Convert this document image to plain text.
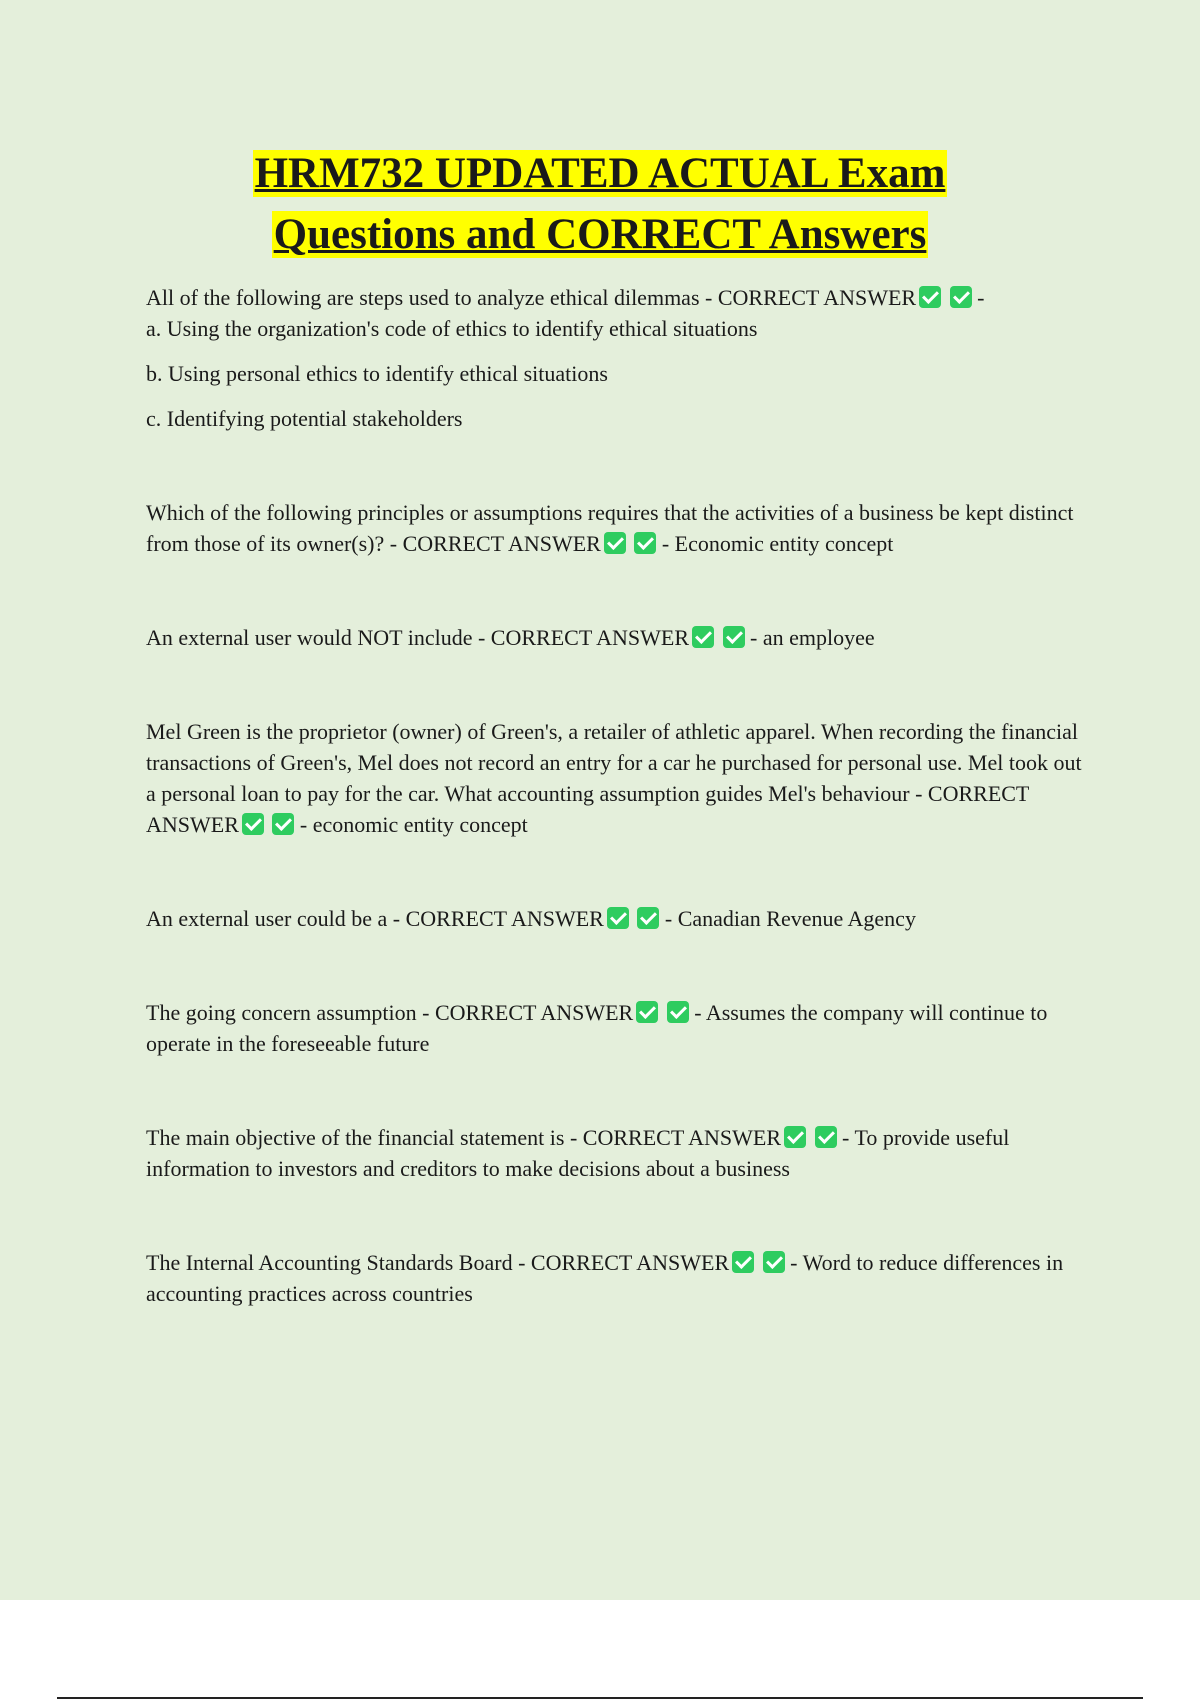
HRM732 UPDATED ACTUAL Exam
Questions and CORRECT Answers

All of the following are steps used to analyze ethical dilemmas - CORRECT ANSWER	-
a. Using the organization's code of ethics to identify ethical situations

b. Using personal ethics to identify ethical situations

c. Identifying potential stakeholders

Which of the following principles or assumptions requires that the activities of a business be kept distinct from those of its owner(s)? - CORRECT ANSWER	- Economic entity concept

An external user would NOT include - CORRECT ANSWER	- an employee

Mel Green is the proprietor (owner) of Green's, a retailer of athletic apparel. When recording the financial transactions of Green's, Mel does not record an entry for a car he purchased for personal use. Mel took out a personal loan to pay for the car. What accounting assumption guides Mel's behaviour - CORRECT ANSWER	- economic entity concept

An external user could be a - CORRECT ANSWER	- Canadian Revenue Agency

The going concern assumption - CORRECT ANSWER	- Assumes the company will continue to operate in the foreseeable future

The main objective of the financial statement is - CORRECT ANSWER	- To provide useful information to investors and creditors to make decisions about a business

The Internal Accounting Standards Board - CORRECT ANSWER	- Word to reduce differences in accounting practices across countries
